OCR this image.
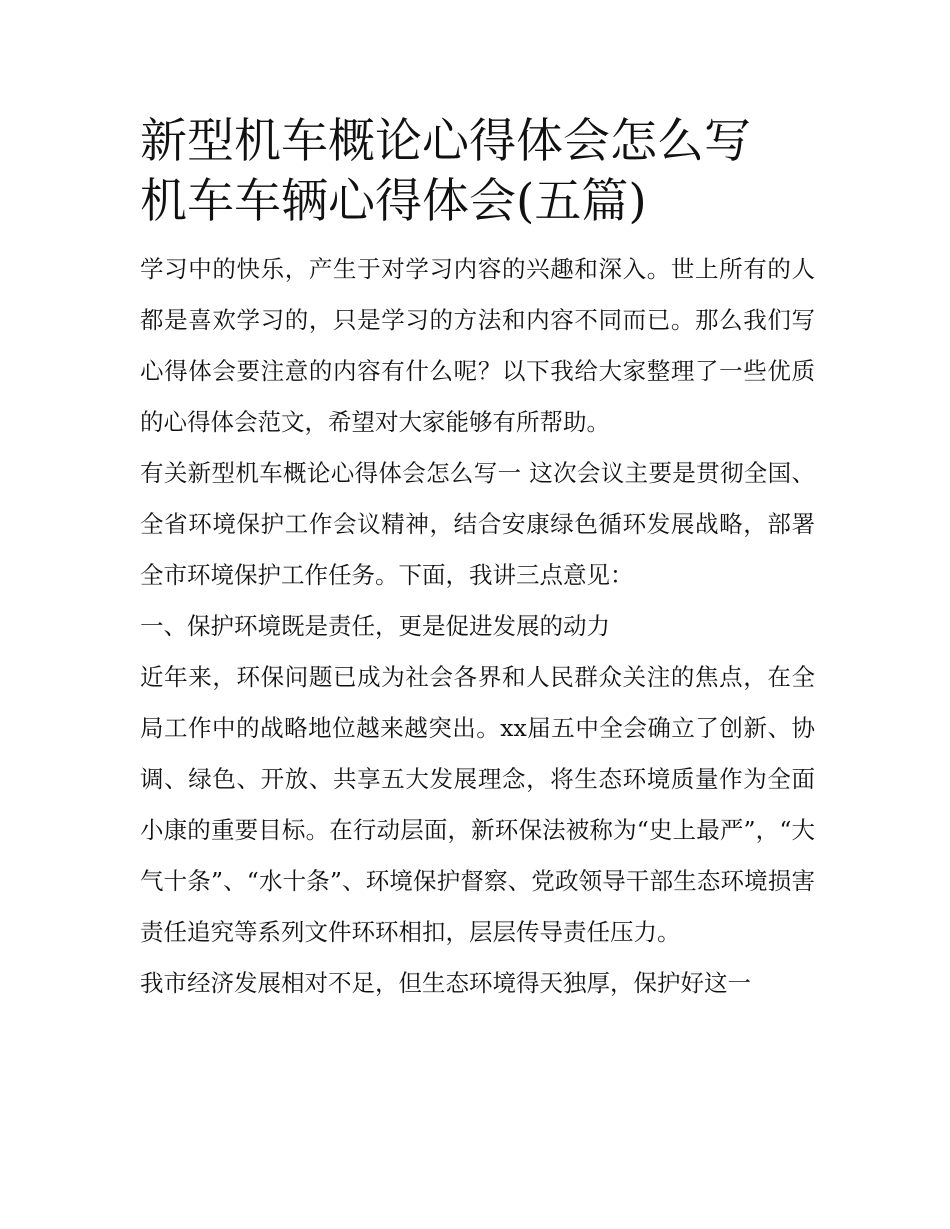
新型机车概论心得体会怎么写
机车车辆心得体会(五篇)

学习中的快乐，产生于对学习内容的兴趣和深入。世上所有的人都是喜欢学习的，只是学习的方法和内容不同而已。那么我们写心得体会要注意的内容有什么呢？以下我给大家整理了一些优质的心得体会范文，希望对大家能够有所帮助。

有关新型机车概论心得体会怎么写一 这次会议主要是贯彻全国、全省环境保护工作会议精神，结合安康绿色循环发展战略，部署全市环境保护工作任务。下面，我讲三点意见：

一、保护环境既是责任，更是促进发展的动力

近年来，环保问题已成为社会各界和人民群众关注的焦点，在全局工作中的战略地位越来越突出。xx届五中全会确立了创新、协调、绿色、开放、共享五大发展理念，将生态环境质量作为全面小康的重要目标。在行动层面，新环保法被称为“史上最严”，“大气十条”、“水十条”、环境保护督察、党政领导干部生态环境损害责任追究等系列文件环环相扣，层层传导责任压力。

我市经济发展相对不足，但生态环境得天独厚，保护好这一
